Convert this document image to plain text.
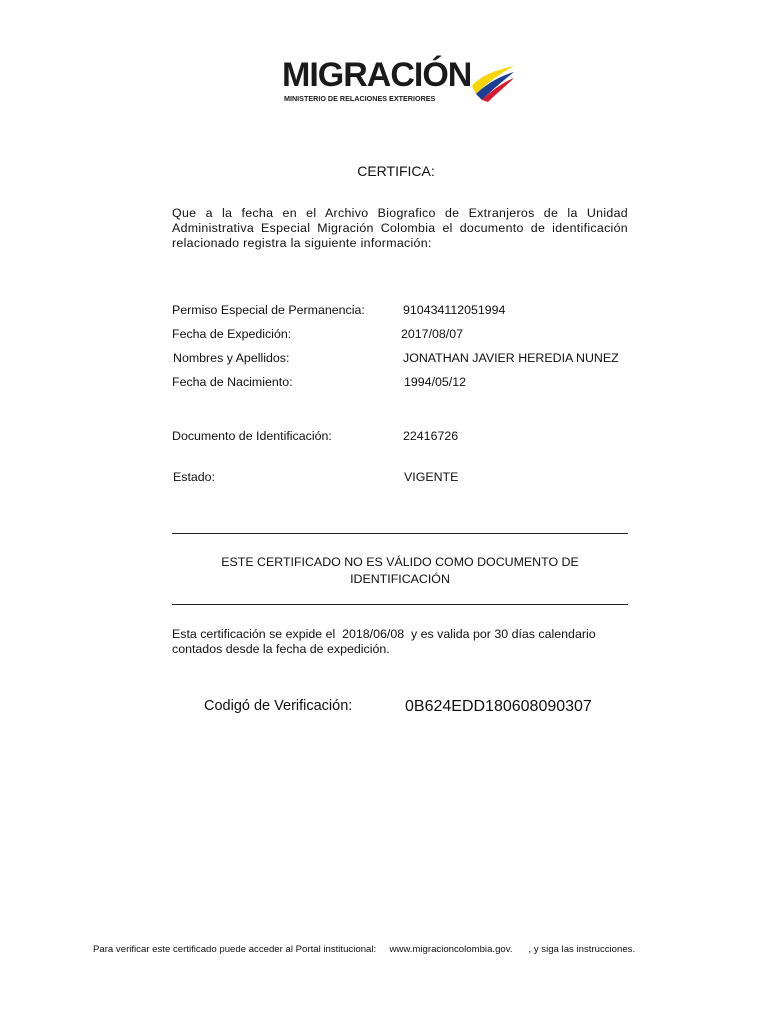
MIGRACIÓN
MINISTERIO DE RELACIONES EXTERIORES
CERTIFICA:
Que a la fecha en el Archivo Biografico de Extranjeros de la Unidad Administrativa Especial Migración Colombia el documento de identificación relacionado registra la siguiente información:
Permiso Especial de Permanencia:	910434112051994
Fecha de Expedición:	2017/08/07
Nombres y Apellidos:	JONATHAN JAVIER HEREDIA NUNEZ
Fecha de Nacimiento:	1994/05/12
Documento de Identificación:	22416726
Estado:	VIGENTE
ESTE CERTIFICADO NO ES VÁLIDO COMO DOCUMENTO DE
IDENTIFICACIÓN
Esta certificación se expide el  2018/06/08  y es valida por 30 días calendario
contados desde la fecha de expedición.
Codigó de Verificación:	0B624EDD180608090307
Para verificar este certificado puede acceder al Portal institucional: www.migracioncolombia.gov. , y siga las instrucciones.
